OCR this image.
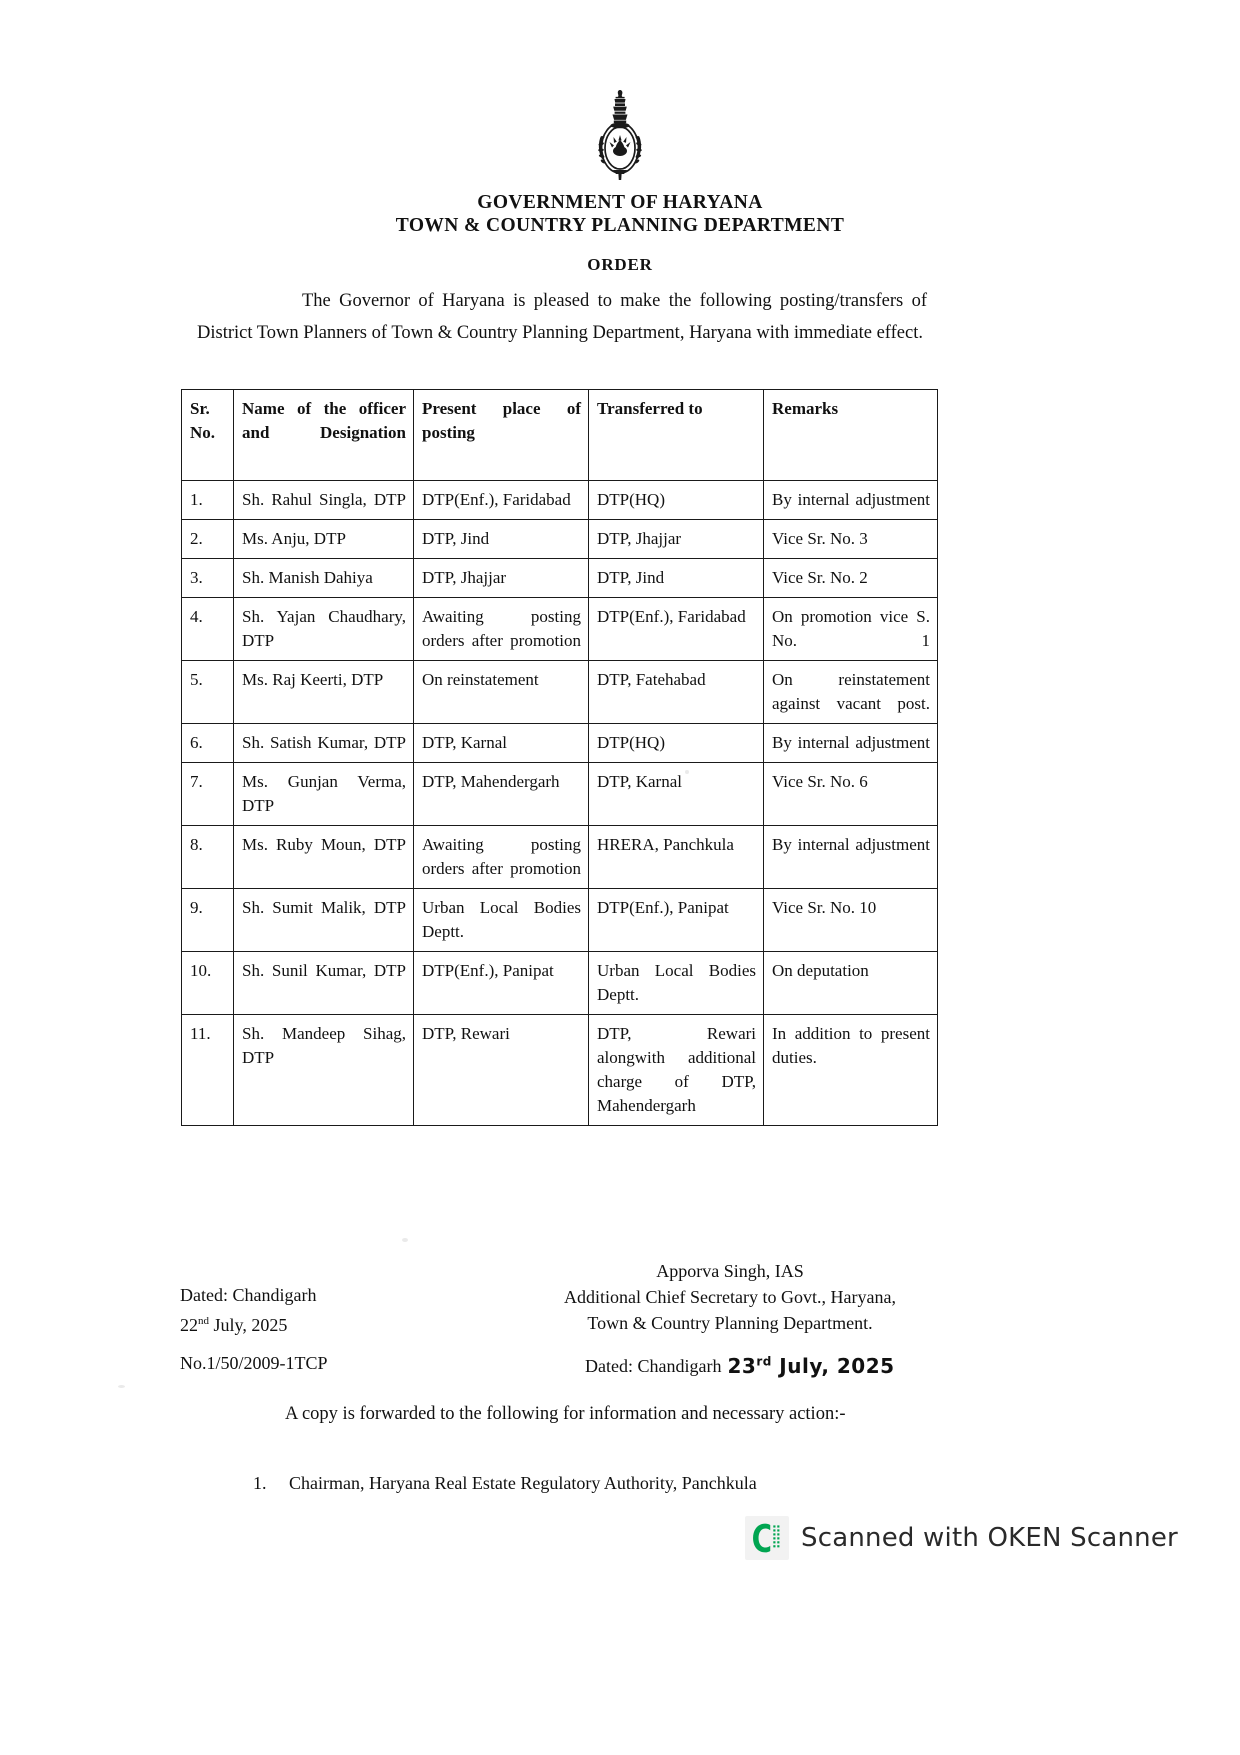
GOVERNMENT OF HARYANA
TOWN & COUNTRY PLANNING DEPARTMENT
ORDER
The Governor of Haryana is pleased to make the following posting/transfers of District Town Planners of Town & Country Planning Department, Haryana with immediate effect.
Sr. No.	Name of the officer and Designation	Present place of posting	Transferred to	Remarks
1.	Sh. Rahul Singla, DTP	DTP(Enf.), Faridabad	DTP(HQ)	By internal adjustment
2.	Ms. Anju, DTP	DTP, Jind	DTP, Jhajjar	Vice Sr. No. 3
3.	Sh. Manish Dahiya	DTP, Jhajjar	DTP, Jind	Vice Sr. No. 2
4.	Sh. Yajan Chaudhary, DTP	Awaiting posting orders after promotion	DTP(Enf.), Faridabad	On promotion vice S. No. 1
5.	Ms. Raj Keerti, DTP	On reinstatement	DTP, Fatehabad	On reinstatement against vacant post.
6.	Sh. Satish Kumar, DTP	DTP, Karnal	DTP(HQ)	By internal adjustment
7.	Ms. Gunjan Verma, DTP	DTP, Mahendergarh	DTP, Karnal	Vice Sr. No. 6
8.	Ms. Ruby Moun, DTP	Awaiting posting orders after promotion	HRERA, Panchkula	By internal adjustment
9.	Sh. Sumit Malik, DTP	Urban Local Bodies Deptt.	DTP(Enf.), Panipat	Vice Sr. No. 10
10.	Sh. Sunil Kumar, DTP	DTP(Enf.), Panipat	Urban Local Bodies Deptt.	On deputation
11.	Sh. Mandeep Sihag, DTP	DTP, Rewari	DTP, Rewari alongwith additional charge of DTP, Mahendergarh	In addition to present duties.
Apporva Singh, IAS
Additional Chief Secretary to Govt., Haryana,
Town & Country Planning Department.
Dated: Chandigarh
22nd July, 2025
No.1/50/2009-1TCP	Dated: Chandigarh 23rd July, 2025
A copy is forwarded to the following for information and necessary action:-
1. Chairman, Haryana Real Estate Regulatory Authority, Panchkula
Scanned with OKEN Scanner
